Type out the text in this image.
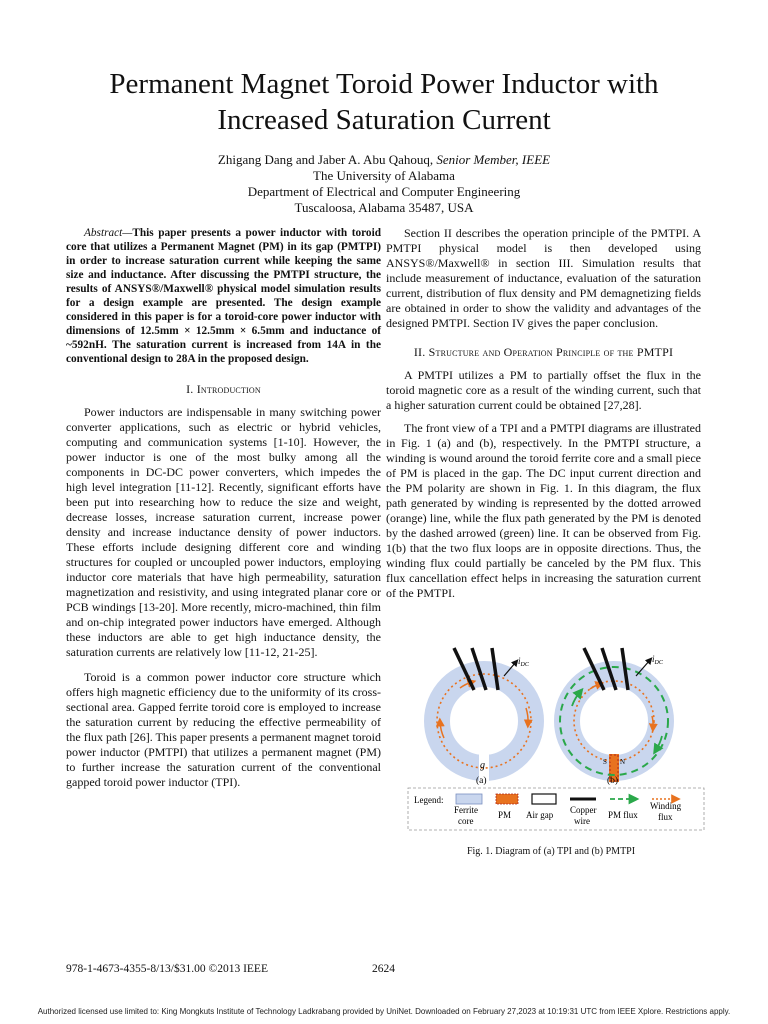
Permanent Magnet Toroid Power Inductor with
Increased Saturation Current
Zhigang Dang and Jaber A. Abu Qahouq, Senior Member, IEEE
The University of Alabama
Department of Electrical and Computer Engineering
Tuscaloosa, Alabama 35487, USA

Abstract—This paper presents a power inductor with toroid core that utilizes a Permanent Magnet (PM) in its gap (PMTPI) in order to increase saturation current while keeping the same size and inductance. After discussing the PMTPI structure, the results of ANSYS®/Maxwell® physical model simulation results for a design example are presented. The design example considered in this paper is for a toroid-core power inductor with dimensions of 12.5mm × 12.5mm × 6.5mm and inductance of ~592nH. The saturation current is increased from 14A in the conventional design to 28A in the proposed design.

I. Introduction

Power inductors are indispensable in many switching power converter applications, such as electric or hybrid vehicles, computing and communication systems [1-10]. However, the power inductor is one of the most bulky among all the components in DC-DC power converters, which impedes the high level integration [11-12]. Recently, significant efforts have been put into researching how to reduce the size and weight, decrease losses, increase saturation current, increase power density and increase inductance density of power inductors. These efforts include designing different core and winding structures for coupled or uncoupled power inductors, employing inductor core materials that have high permeability, saturation magnetization and resistivity, and using integrated planar core or PCB windings [13-20]. More recently, micro-machined, thin film and on-chip integrated power inductors have emerged. Although these inductors are able to get high inductance density, the saturation currents are relatively low [11-12, 21-25].

Toroid is a common power inductor core structure which offers high magnetic efficiency due to the uniformity of its cross-sectional area. Gapped ferrite toroid core is employed to increase the saturation current by reducing the effective permeability of the flux path [26]. This paper presents a permanent magnet toroid power inductor (PMTPI) that utilizes a permanent magnet (PM) to further increase the saturation current of the conventional gapped toroid power inductor (TPI).

Section II describes the operation principle of the PMTPI. A PMTPI physical model is then developed using ANSYS®/Maxwell® in section III. Simulation results that include measurement of inductance, evaluation of the saturation current, distribution of flux density and PM demagnetizing fields are obtained in order to show the validity and advantages of the designed PMTPI. Section IV gives the paper conclusion.

II. Structure and Operation Principle of the PMTPI

A PMTPI utilizes a PM to partially offset the flux in the toroid magnetic core as a result of the winding current, such that a higher saturation current could be obtained [27,28].

The front view of a TPI and a PMTPI diagrams are illustrated in Fig. 1 (a) and (b), respectively. In the PMTPI structure, a winding is wound around the toroid ferrite core and a small piece of PM is placed in the gap. The DC input current direction and the PM polarity are shown in Fig. 1. In this diagram, the flux path generated by winding is represented by the dotted arrowed (orange) line, while the flux path generated by the PM is denoted by the dashed arrowed (green) line. It can be observed from Fig. 1(b) that the two flux loops are in opposite directions. Thus, the winding flux could partially be canceled by the PM flux. This flux cancellation effect helps in increasing the saturation current of the PMTPI.

$i_{DC}$
g
(a)
$i_{DC}$
S N
(b)
Legend:
Ferrite
core
PM Air gap Copper
wire
PM flux
Winding
flux
Fig. 1. Diagram of (a) TPI and (b) PMTPI
978-1-4673-4355-8/13/$31.00 ©2013 IEEE	2624
Authorized licensed use limited to: King Mongkuts Institute of Technology Ladkrabang provided by UniNet. Downloaded on February 27,2023 at 10:19:31 UTC from IEEE Xplore. Restrictions apply.
